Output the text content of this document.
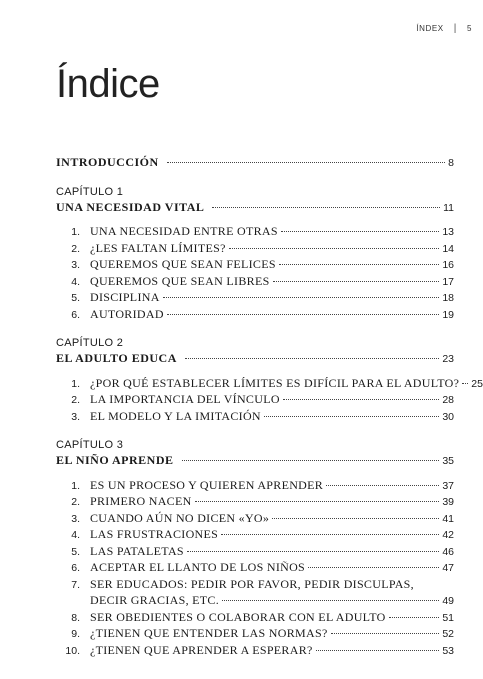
ÍNDEX | 5
Índice
INTRODUCCIÓN	8
CAPÍTULO 1
UNA NECESIDAD VITAL	11
1. UNA NECESIDAD ENTRE OTRAS	13
2. ¿LES FALTAN LÍMITES?	14
3. QUEREMOS QUE SEAN FELICES	16
4. QUEREMOS QUE SEAN LIBRES	17
5. DISCIPLINA	18
6. AUTORIDAD	19
CAPÍTULO 2
EL ADULTO EDUCA	23
1. ¿POR QUÉ ESTABLECER LÍMITES ES DIFÍCIL PARA EL ADULTO? 25
2. LA IMPORTANCIA DEL VÍNCULO	28
3. EL MODELO Y LA IMITACIÓN	30
CAPÍTULO 3
EL NIÑO APRENDE	35
1. ES UN PROCESO Y QUIEREN APRENDER	37
2. PRIMERO NACEN	39
3. CUANDO AÚN NO DICEN «YO»	41
4. LAS FRUSTRACIONES	42
5. LAS PATALETAS	46
6. ACEPTAR EL LLANTO DE LOS NIÑOS	47
7. SER EDUCADOS: PEDIR POR FAVOR, PEDIR DISCULPAS,
DECIR GRACIAS, ETC.	49
8. SER OBEDIENTES O COLABORAR CON EL ADULTO	51
9. ¿TIENEN QUE ENTENDER LAS NORMAS?	52
10. ¿TIENEN QUE APRENDER A ESPERAR?	53
